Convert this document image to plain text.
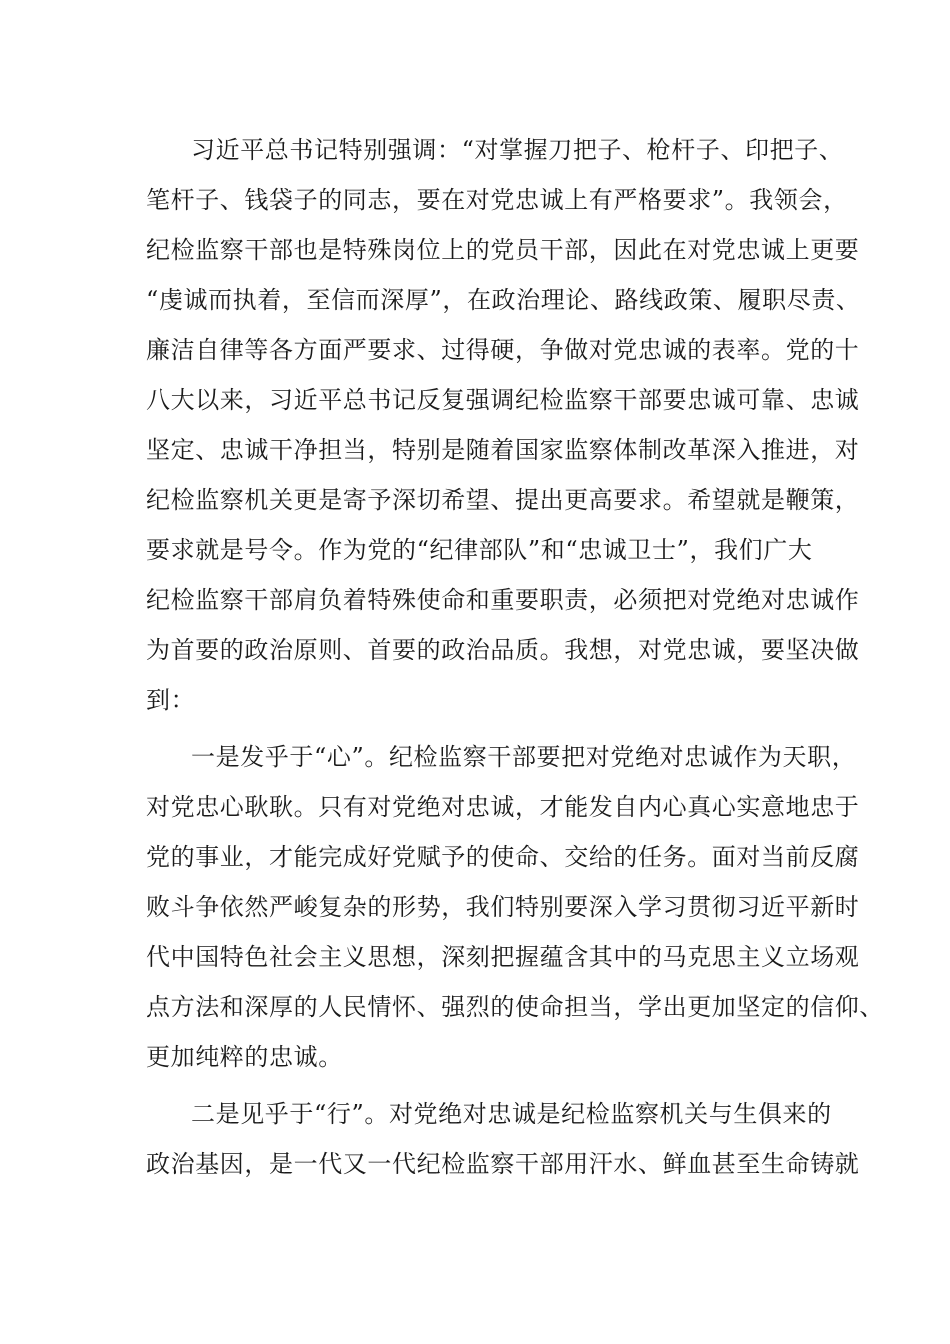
习近平总书记特别强调：“对掌握刀把子、枪杆子、印把子、
笔杆子、钱袋子的同志，要在对党忠诚上有严格要求”。我领会，
纪检监察干部也是特殊岗位上的党员干部，因此在对党忠诚上更要
“虔诚而执着，至信而深厚”，在政治理论、路线政策、履职尽责、
廉洁自律等各方面严要求、过得硬，争做对党忠诚的表率。党的十
八大以来，习近平总书记反复强调纪检监察干部要忠诚可靠、忠诚
坚定、忠诚干净担当，特别是随着国家监察体制改革深入推进，对
纪检监察机关更是寄予深切希望、提出更高要求。希望就是鞭策，
要求就是号令。作为党的“纪律部队”和“忠诚卫士”，我们广大
纪检监察干部肩负着特殊使命和重要职责，必须把对党绝对忠诚作
为首要的政治原则、首要的政治品质。我想，对党忠诚，要坚决做
到：
一是发乎于“心”。纪检监察干部要把对党绝对忠诚作为天职，
对党忠心耿耿。只有对党绝对忠诚，才能发自内心真心实意地忠于
党的事业，才能完成好党赋予的使命、交给的任务。面对当前反腐
败斗争依然严峻复杂的形势，我们特别要深入学习贯彻习近平新时
代中国特色社会主义思想，深刻把握蕴含其中的马克思主义立场观
点方法和深厚的人民情怀、强烈的使命担当，学出更加坚定的信仰、
更加纯粹的忠诚。
二是见乎于“行”。对党绝对忠诚是纪检监察机关与生俱来的
政治基因，是一代又一代纪检监察干部用汗水、鲜血甚至生命铸就
